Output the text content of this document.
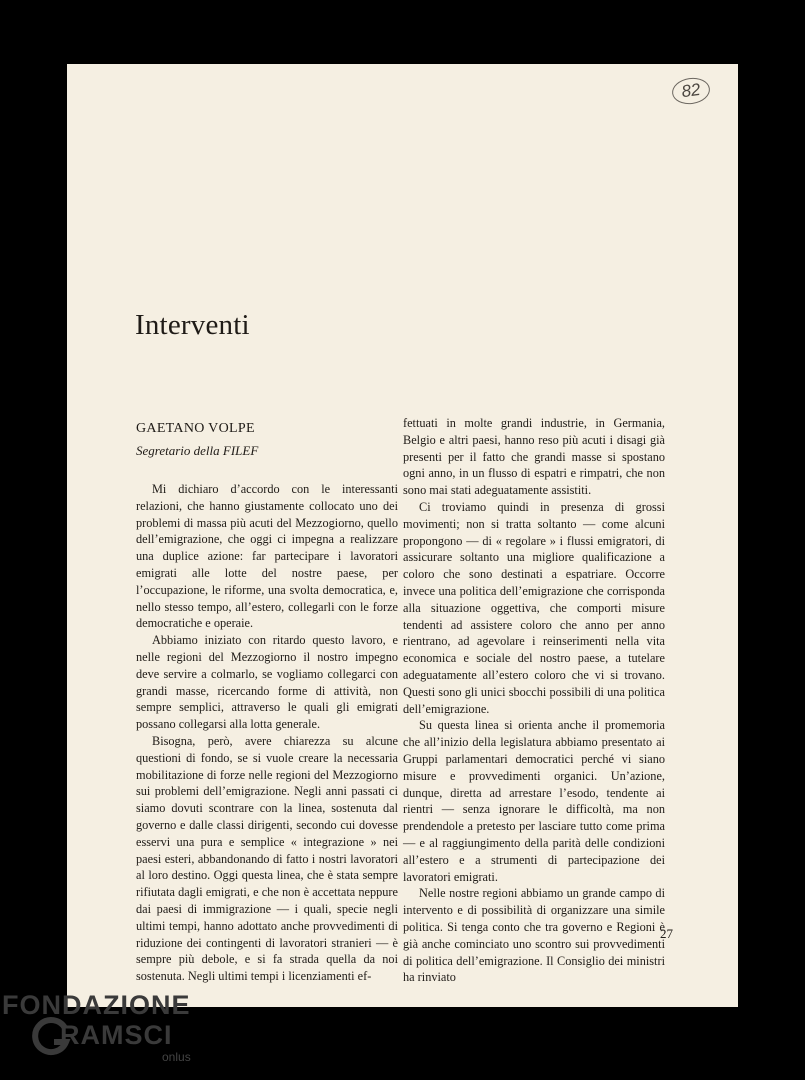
82
Interventi
GAETANO VOLPE
Segretario della FILEF

Mi dichiaro d’accordo con le interessanti relazioni, che hanno giustamente collocato uno dei problemi di massa più acuti del Mezzogiorno, quello dell’emigrazione, che oggi ci impegna a realizzare una duplice azione: far partecipare i lavoratori emigrati alle lotte del nostre paese, per l’occupazione, le riforme, una svolta democratica, e, nello stesso tempo, all’estero, collegarli con le forze democratiche e operaie.

Abbiamo iniziato con ritardo questo lavoro, e nelle regioni del Mezzogiorno il nostro impegno deve servire a colmarlo, se vogliamo collegarci con grandi masse, ricercando forme di attività, non sempre semplici, attraverso le quali gli emigrati possano collegarsi alla lotta generale.

Bisogna, però, avere chiarezza su alcune questioni di fondo, se si vuole creare la necessaria mobilitazione di forze nelle regioni del Mezzogiorno sui problemi dell’emigrazione. Negli anni passati ci siamo dovuti scontrare con la linea, sostenuta dal governo e dalle classi dirigenti, secondo cui dovesse esservi una pura e semplice « integrazione » nei paesi esteri, abbandonando di fatto i nostri lavoratori al loro destino. Oggi questa linea, che è stata sempre rifiutata dagli emigrati, e che non è accettata neppure dai paesi di immigrazione — i quali, specie negli ultimi tempi, hanno adottato anche provvedimenti di riduzione dei contingenti di lavoratori stranieri — è sempre più debole, e si fa strada quella da noi sostenuta. Negli ultimi tempi i licenziamenti ef-

fettuati in molte grandi industrie, in Germania, Belgio e altri paesi, hanno reso più acuti i disagi già presenti per il fatto che grandi masse si spostano ogni anno, in un flusso di espatri e rimpatri, che non sono mai stati adeguatamente assistiti.

Ci troviamo quindi in presenza di grossi movimenti; non si tratta soltanto — come alcuni propongono — di « regolare » i flussi emigratori, di assicurare soltanto una migliore qualificazione a coloro che sono destinati a espatriare. Occorre invece una politica dell’emigrazione che corrisponda alla situazione oggettiva, che comporti misure tendenti ad assistere coloro che anno per anno rientrano, ad agevolare i reinserimenti nella vita economica e sociale del nostro paese, a tutelare adeguatamente all’estero coloro che vi si trovano. Questi sono gli unici sbocchi possibili di una politica dell’emigrazione.

Su questa linea si orienta anche il promemoria che all’inizio della legislatura abbiamo presentato ai Gruppi parlamentari democratici perché vi siano misure e provvedimenti organici. Un’azione, dunque, diretta ad arrestare l’esodo, tendente ai rientri — senza ignorare le difficoltà, ma non prendendole a pretesto per lasciare tutto come prima — e al raggiungimento della parità delle condizioni all’estero e a strumenti di partecipazione dei lavoratori emigrati.

Nelle nostre regioni abbiamo un grande campo di intervento e di possibilità di organizzare una simile politica. Si tenga conto che tra governo e Regioni è già anche cominciato uno scontro sui provvedimenti di politica dell’emigrazione. Il Consiglio dei ministri ha rinviato

27
FONDAZIONE
RAMSCI
onlus
